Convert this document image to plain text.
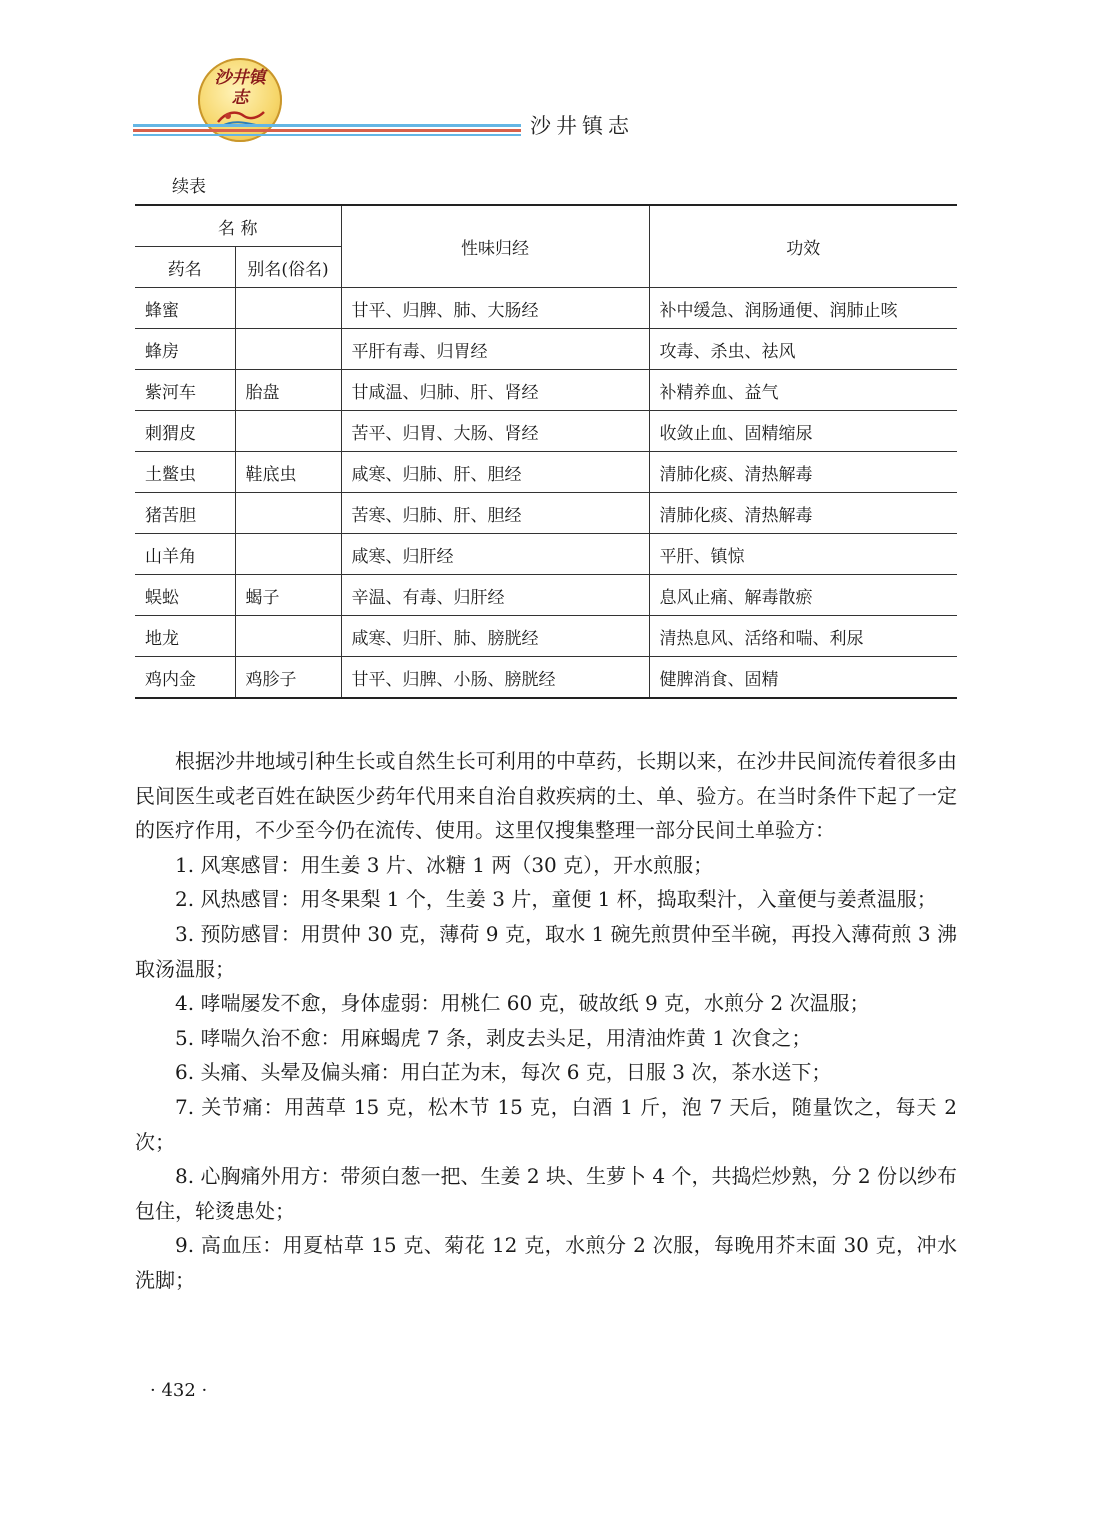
沙井镇志
沙井镇志
续表
名 称		性味归经	功效
药名	别名(俗名)		
蜂蜜		甘平、归脾、肺、大肠经	补中缓急、润肠通便、润肺止咳
蜂房		平肝有毒、归胃经	攻毒、杀虫、祛风
紫河车	胎盘	甘咸温、归肺、肝、肾经	补精养血、益气
刺猬皮		苦平、归胃、大肠、肾经	收敛止血、固精缩尿
土鳖虫	鞋底虫	咸寒、归肺、肝、胆经	清肺化痰、清热解毒
猪苦胆		苦寒、归肺、肝、胆经	清肺化痰、清热解毒
山羊角		咸寒、归肝经	平肝、镇惊
蜈蚣	蝎子	辛温、有毒、归肝经	息风止痛、解毒散瘀
地龙		咸寒、归肝、肺、膀胱经	清热息风、活络和喘、利尿
鸡内金	鸡胗子	甘平、归脾、小肠、膀胱经	健脾消食、固精

根据沙井地域引种生长或自然生长可利用的中草药，长期以来，在沙井民间流传着很多由民间医生或老百姓在缺医少药年代用来自治自救疾病的土、单、验方。在当时条件下起了一定的医疗作用，不少至今仍在流传、使用。这里仅搜集整理一部分民间土单验方：

1. 风寒感冒：用生姜 3 片、冰糖 1 两（30 克），开水煎服；

2. 风热感冒：用冬果梨 1 个，生姜 3 片，童便 1 杯，捣取梨汁，入童便与姜煮温服；

3. 预防感冒：用贯仲 30 克，薄荷 9 克，取水 1 碗先煎贯仲至半碗，再投入薄荷煎 3 沸取汤温服；

4. 哮喘屡发不愈，身体虚弱：用桃仁 60 克，破故纸 9 克，水煎分 2 次温服；

5. 哮喘久治不愈：用麻蝎虎 7 条，剥皮去头足，用清油炸黄 1 次食之；

6. 头痛、头晕及偏头痛：用白芷为末，每次 6 克，日服 3 次，茶水送下；

7. 关节痛：用茜草 15 克，松木节 15 克，白酒 1 斤，泡 7 天后，随量饮之，每天 2 次；

8. 心胸痛外用方：带须白葱一把、生姜 2 块、生萝卜 4 个，共捣烂炒熟，分 2 份以纱布包住，轮烫患处；

9. 高血压：用夏枯草 15 克、菊花 12 克，水煎分 2 次服，每晚用芥末面 30 克，冲水洗脚；

· 432 ·
